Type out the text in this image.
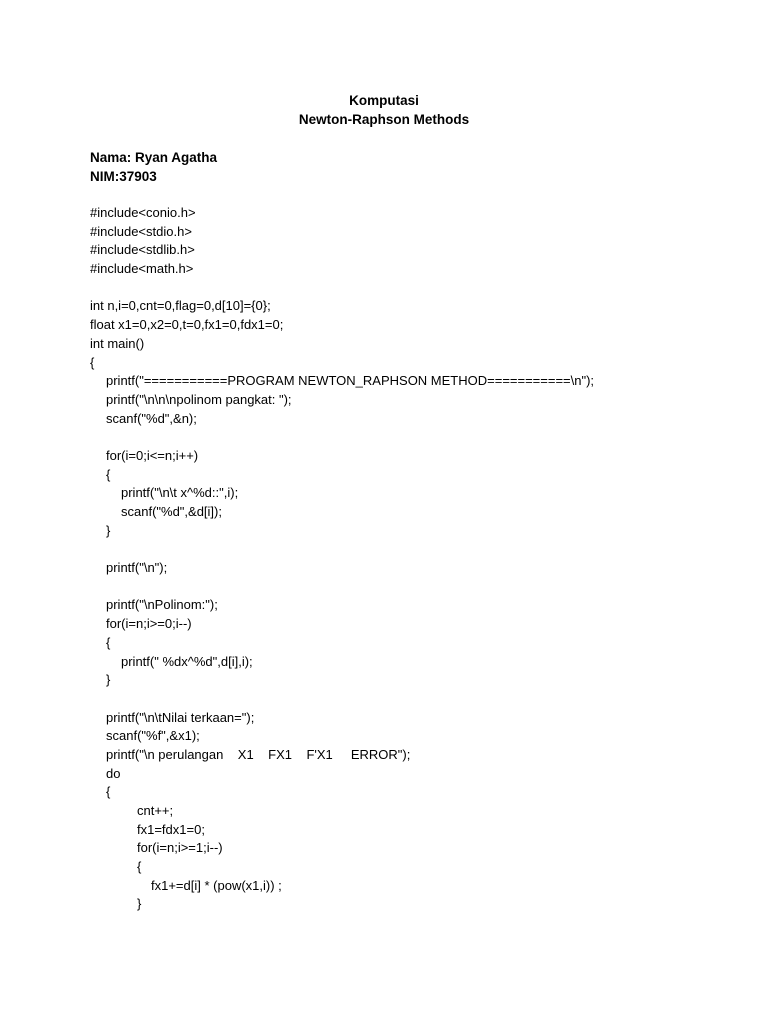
Komputasi
Newton-Raphson Methods
Nama: Ryan Agatha
NIM:37903
#include<conio.h>
#include<stdio.h>
#include<stdlib.h>
#include<math.h>
int n,i=0,cnt=0,flag=0,d[10]={0};
float x1=0,x2=0,t=0,fx1=0,fdx1=0;
int main()
{
printf("===========PROGRAM NEWTON_RAPHSON METHOD===========\n");
printf("\n\n\npolinom pangkat: ");
scanf("%d",&n);
for(i=0;i<=n;i++)
{
printf("\n\t x^%d::",i);
scanf("%d",&d[i]);
}
printf("\n");
printf("\nPolinom:");
for(i=n;i>=0;i--)
{
printf(" %dx^%d",d[i],i);
}
printf("\n\tNilai terkaan=");
scanf("%f",&x1);
printf("\n perulangan    X1    FX1    F'X1     ERROR");
do
{
cnt++;
fx1=fdx1=0;
for(i=n;i>=1;i--)
{
fx1+=d[i] * (pow(x1,i)) ;
}
